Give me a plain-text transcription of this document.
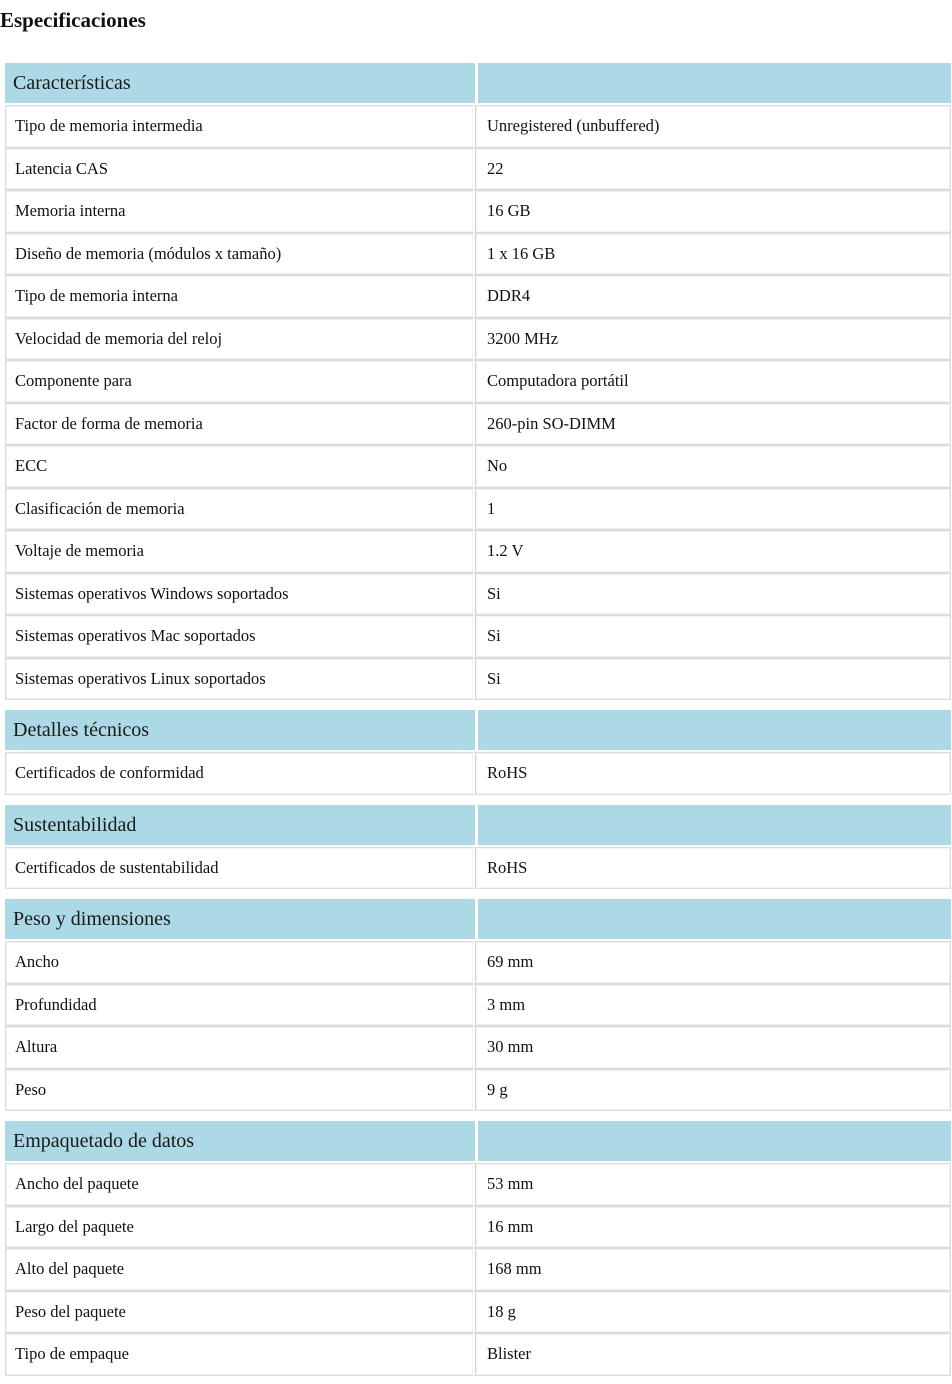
Especificaciones
Características	
Tipo de memoria intermedia	Unregistered (unbuffered)
Latencia CAS	22
Memoria interna	16 GB
Diseño de memoria (módulos x tamaño)	1 x 16 GB
Tipo de memoria interna	DDR4
Velocidad de memoria del reloj	3200 MHz
Componente para	Computadora portátil
Factor de forma de memoria	260-pin SO-DIMM
ECC	No
Clasificación de memoria	1
Voltaje de memoria	1.2 V
Sistemas operativos Windows soportados	Si
Sistemas operativos Mac soportados	Si
Sistemas operativos Linux soportados	Si

Detalles técnicos	
Certificados de conformidad	RoHS

Sustentabilidad	
Certificados de sustentabilidad	RoHS

Peso y dimensiones	
Ancho	69 mm
Profundidad	3 mm
Altura	30 mm
Peso	9 g

Empaquetado de datos	
Ancho del paquete	53 mm
Largo del paquete	16 mm
Alto del paquete	168 mm
Peso del paquete	18 g
Tipo de empaque	Blister
